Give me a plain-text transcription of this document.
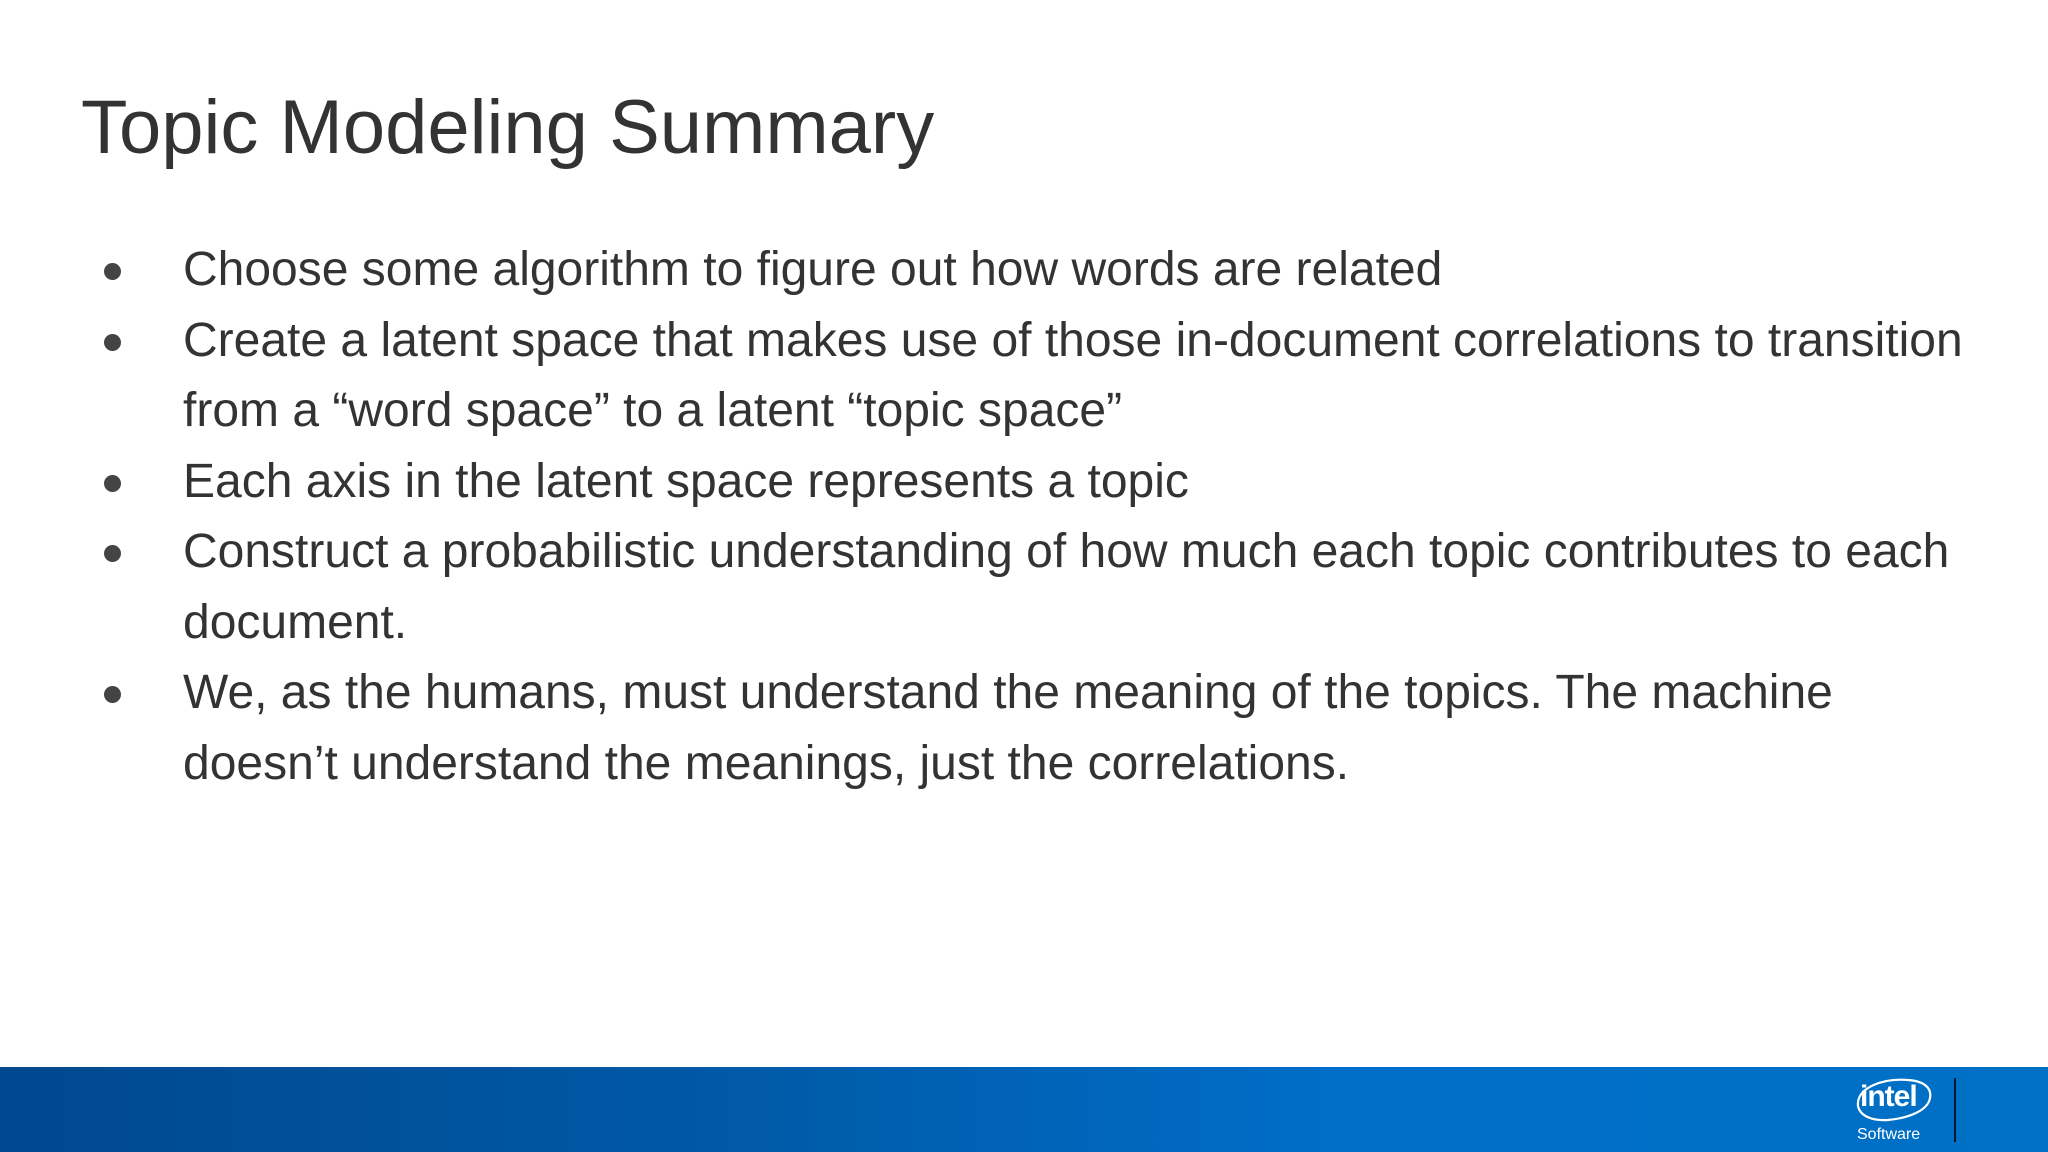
Topic Modeling Summary
Choose some algorithm to figure out how words are related
Create a latent space that makes use of those in-document correlations to transition from a “word space” to a latent “topic space”
Each axis in the latent space represents a topic
Construct a probabilistic understanding of how much each topic contributes to each document.
We, as the humans, must understand the meaning of the topics. The machine doesn’t understand the meanings, just the correlations.
intel
Software
